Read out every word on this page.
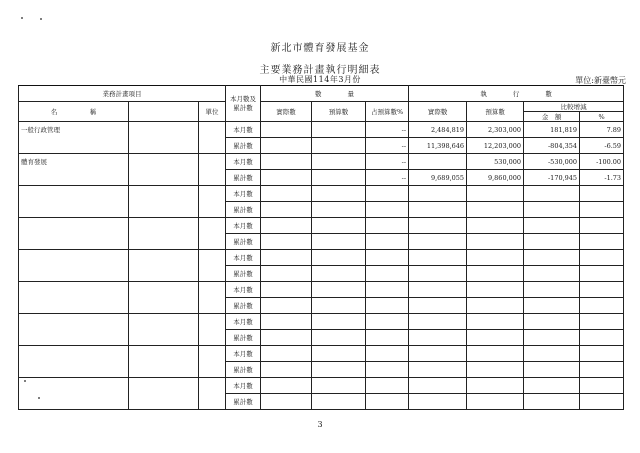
新北市體育發展基金
主要業務計畫執行明細表
中華民國114年3月份	單位:新臺幣元
業務計畫項目			本月數及累計數	數　　　　量			執　　　　行　　　　數			
名　　　　　稱		單位		實際數	預算數	占預算數%	實際數	預算數	比較增減	
									金　額	%
一般行政管理			本月數			--	2,484,819	2,303,000	181,819	7.89
			累計數			--	11,398,646	12,203,000	-804,354	-6.59
體育發展			本月數			--		530,000	-530,000	-100.00
			累計數			--	9,689,055	9,860,000	-170,945	-1.73
			本月數							
			累計數							
			本月數							
			累計數							
			本月數							
			累計數							
			本月數							
			累計數							
			本月數							
			累計數							
			本月數							
			累計數							
			本月數							
			累計數							
3
